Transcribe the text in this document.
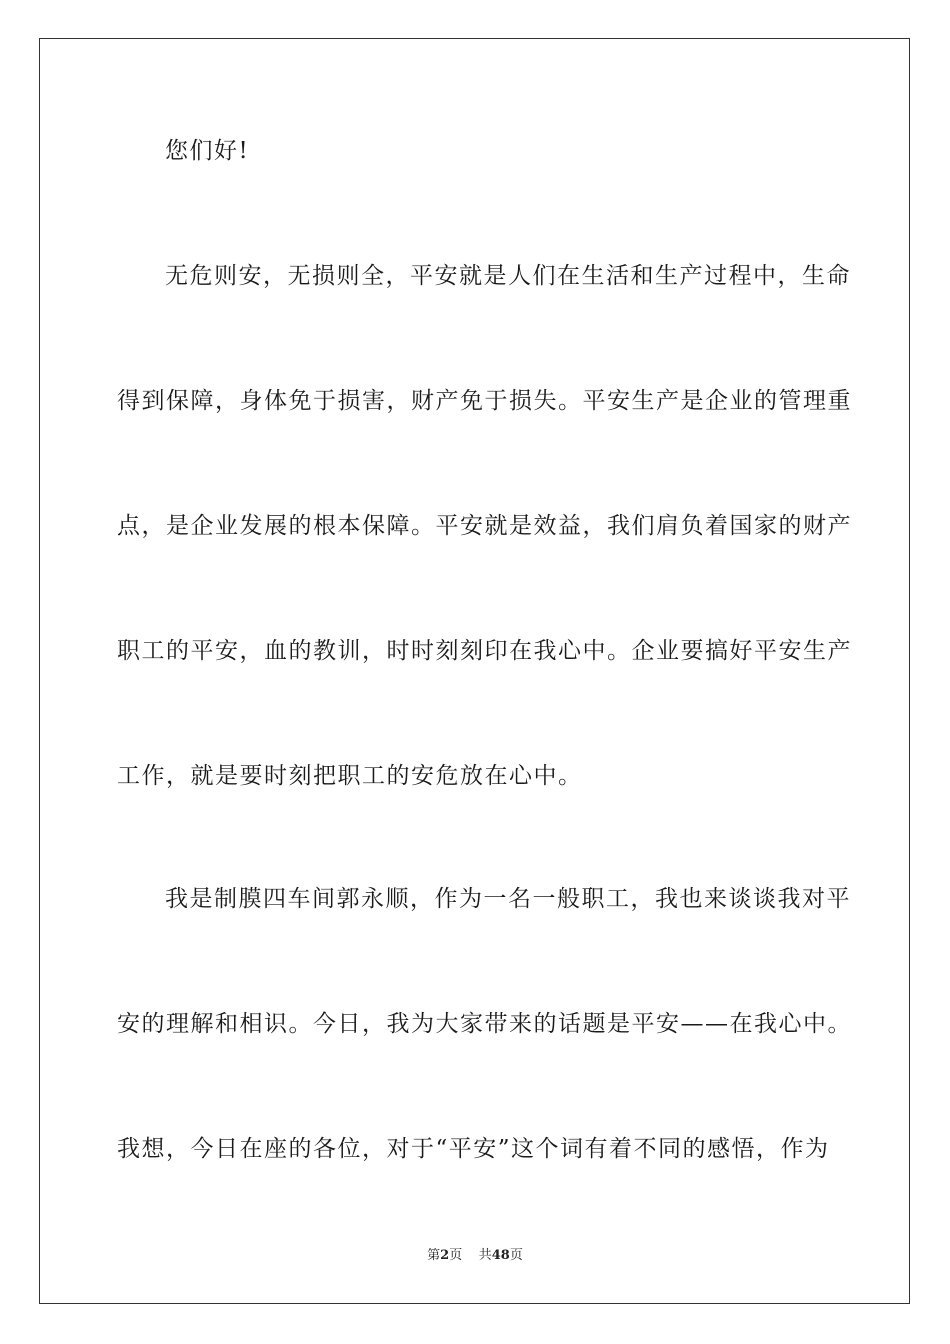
您们好!
无危则安，无损则全，平安就是人们在生活和生产过程中，生命
得到保障，身体免于损害，财产免于损失。平安生产是企业的管理重
点，是企业发展的根本保障。平安就是效益，我们肩负着国家的财产
职工的平安，血的教训，时时刻刻印在我心中。企业要搞好平安生产
工作，就是要时刻把职工的安危放在心中。
我是制膜四车间郭永顺，作为一名一般职工，我也来谈谈我对平
安的理解和相识。今日，我为大家带来的话题是平安——在我心中。
我想，今日在座的各位，对于“平安”这个词有着不同的感悟，作为
第2页 共48页
